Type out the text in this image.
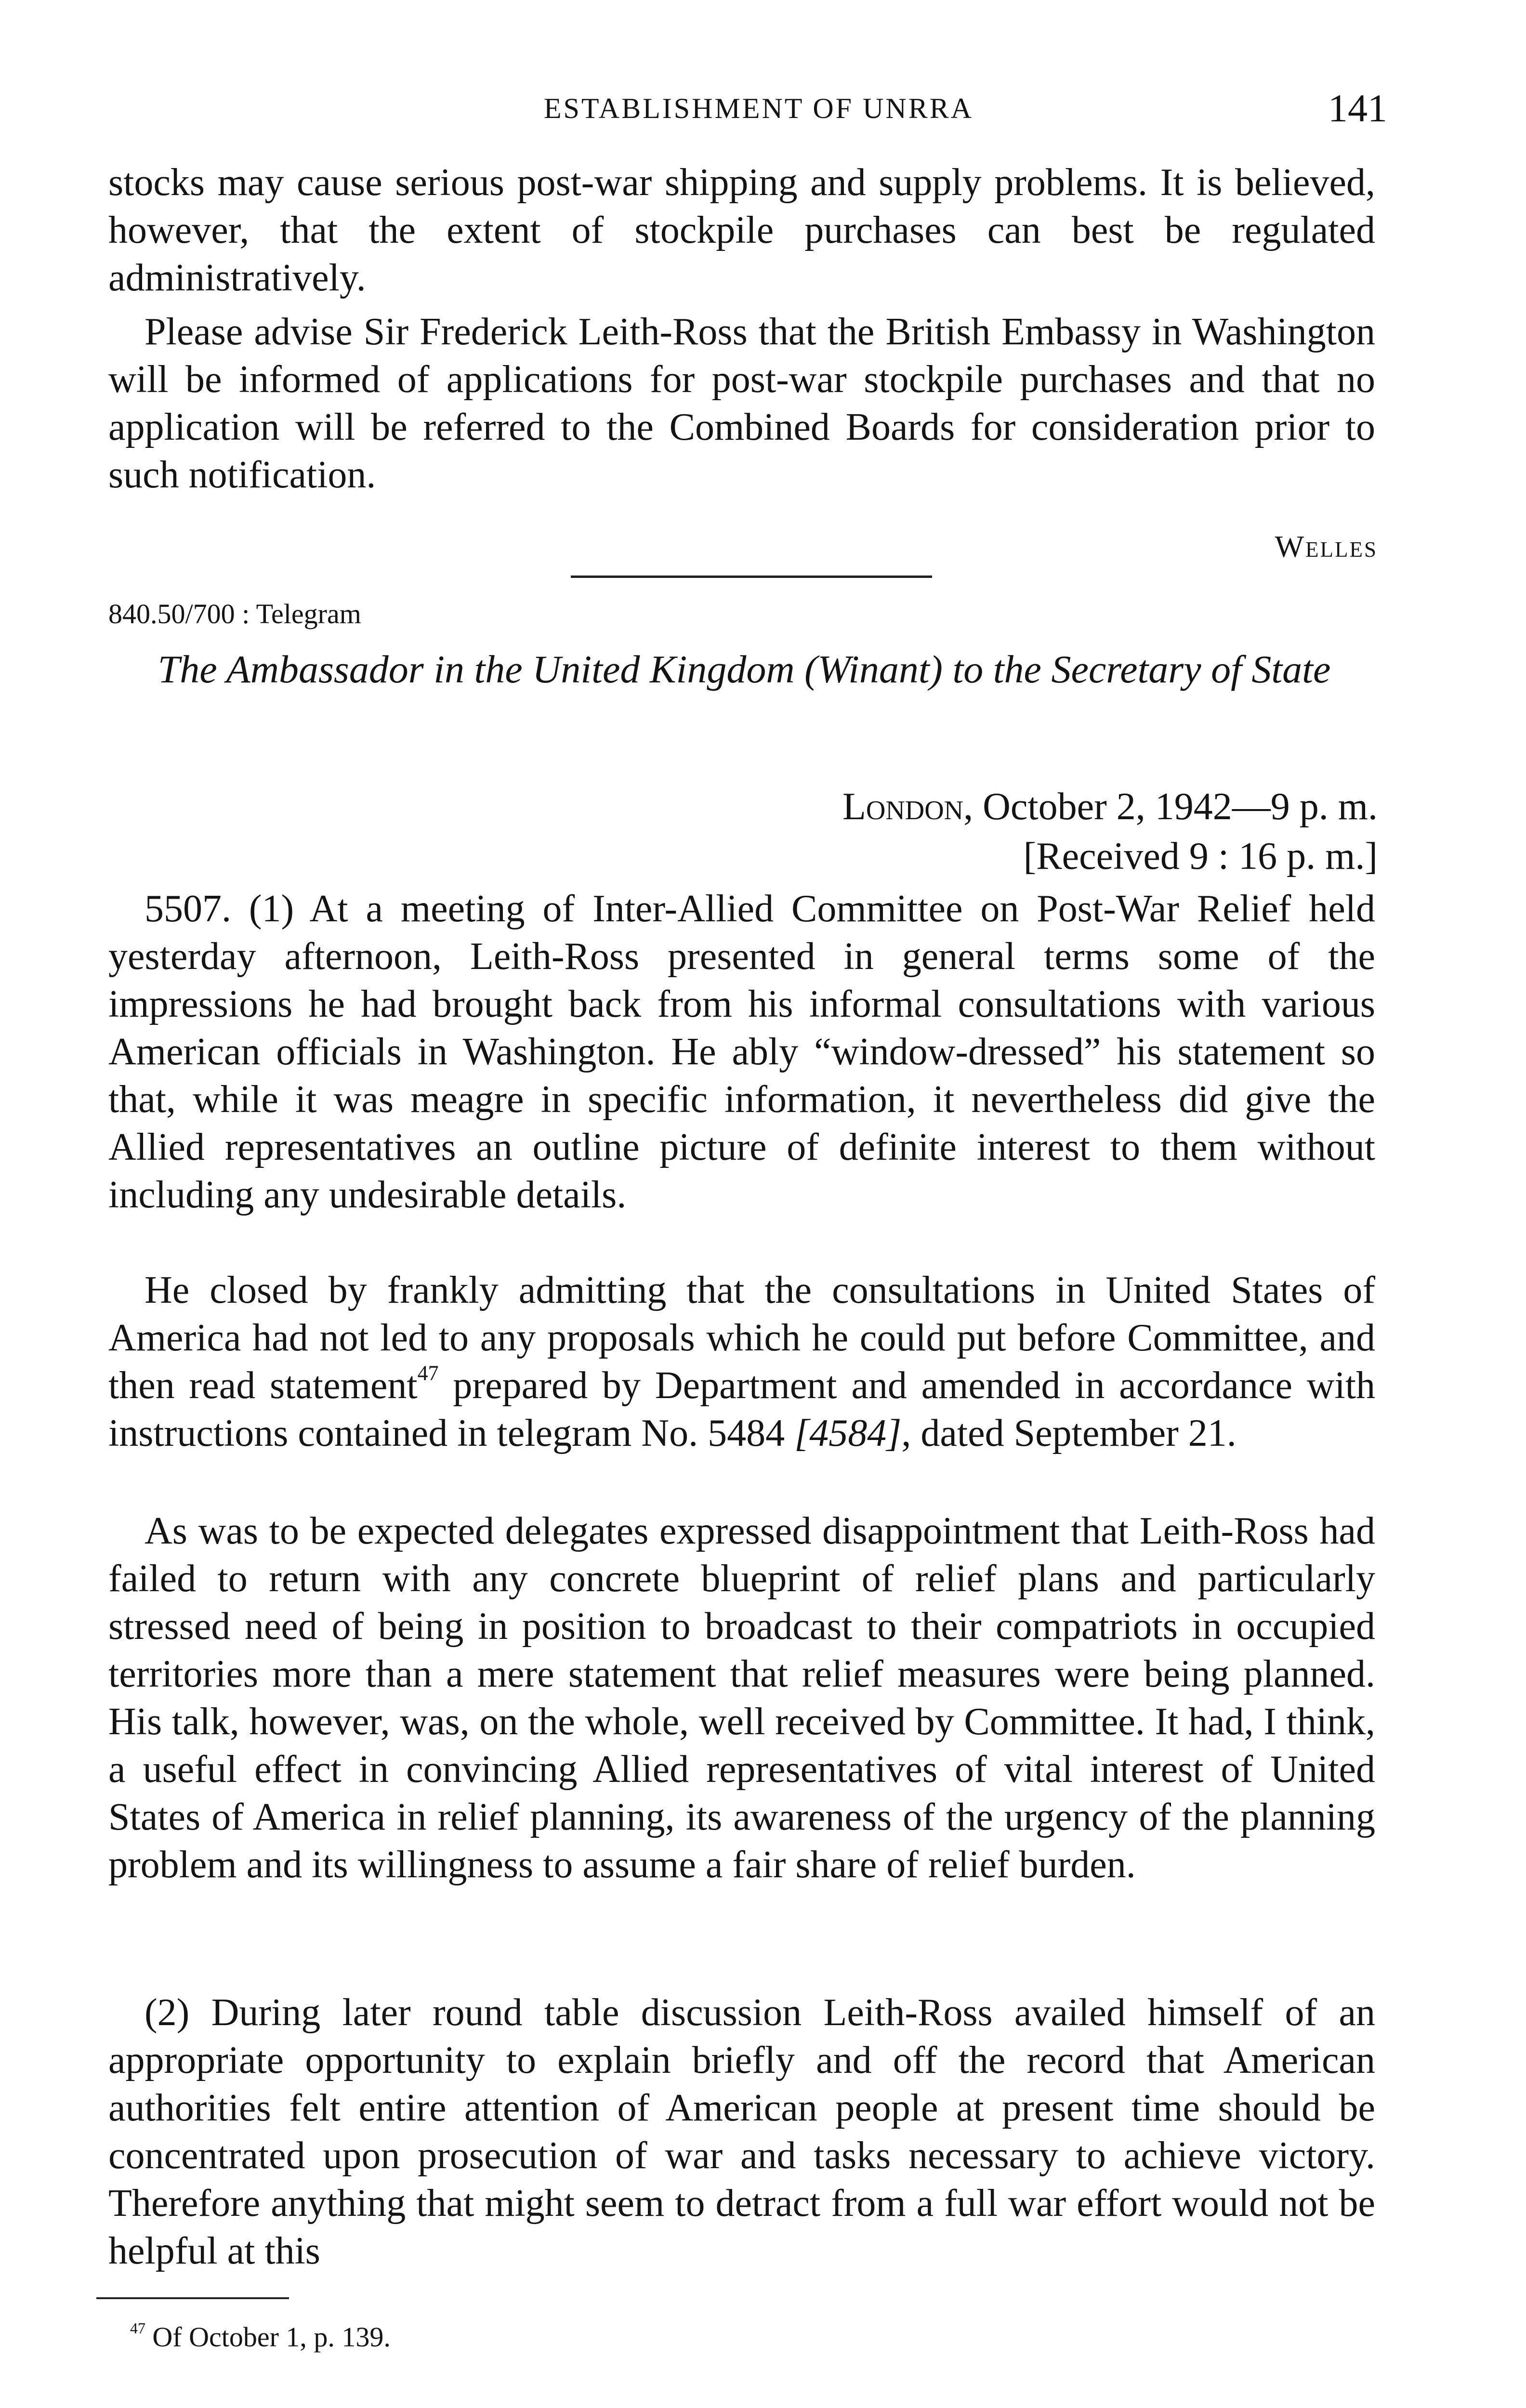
ESTABLISHMENT OF UNRRA	141

stocks may cause serious post-war shipping and supply problems. It is believed, however, that the extent of stockpile purchases can best be regulated administratively.

Please advise Sir Frederick Leith-Ross that the British Embassy in Washington will be informed of applications for post-war stockpile purchases and that no application will be referred to the Combined Boards for consideration prior to such notification.

Welles
840.50/700 : Telegram

The Ambassador in the United Kingdom (Winant) to the Secretary of State

London, October 2, 1942—9 p. m.
[Received 9 : 16 p. m.]

5507. (1) At a meeting of Inter-Allied Committee on Post-War Relief held yesterday afternoon, Leith-Ross presented in general terms some of the impressions he had brought back from his informal consultations with various American officials in Washington. He ably “window-dressed” his statement so that, while it was meagre in specific information, it nevertheless did give the Allied representatives an outline picture of definite interest to them without including any undesirable details.

He closed by frankly admitting that the consultations in United States of America had not led to any proposals which he could put before Committee, and then read statement$^{47}$ prepared by Department and amended in accordance with instructions contained in telegram No. 5484 [4584], dated September 21.

As was to be expected delegates expressed disappointment that Leith-Ross had failed to return with any concrete blueprint of relief plans and particularly stressed need of being in position to broadcast to their compatriots in occupied territories more than a mere statement that relief measures were being planned. His talk, however, was, on the whole, well received by Committee. It had, I think, a useful effect in convincing Allied representatives of vital interest of United States of America in relief planning, its awareness of the urgency of the planning problem and its willingness to assume a fair share of relief burden.

(2) During later round table discussion Leith-Ross availed himself of an appropriate opportunity to explain briefly and off the record that American authorities felt entire attention of American people at present time should be concentrated upon prosecution of war and tasks necessary to achieve victory. Therefore anything that might seem to detract from a full war effort would not be helpful at this

$^{47}$ Of October 1, p. 139.
